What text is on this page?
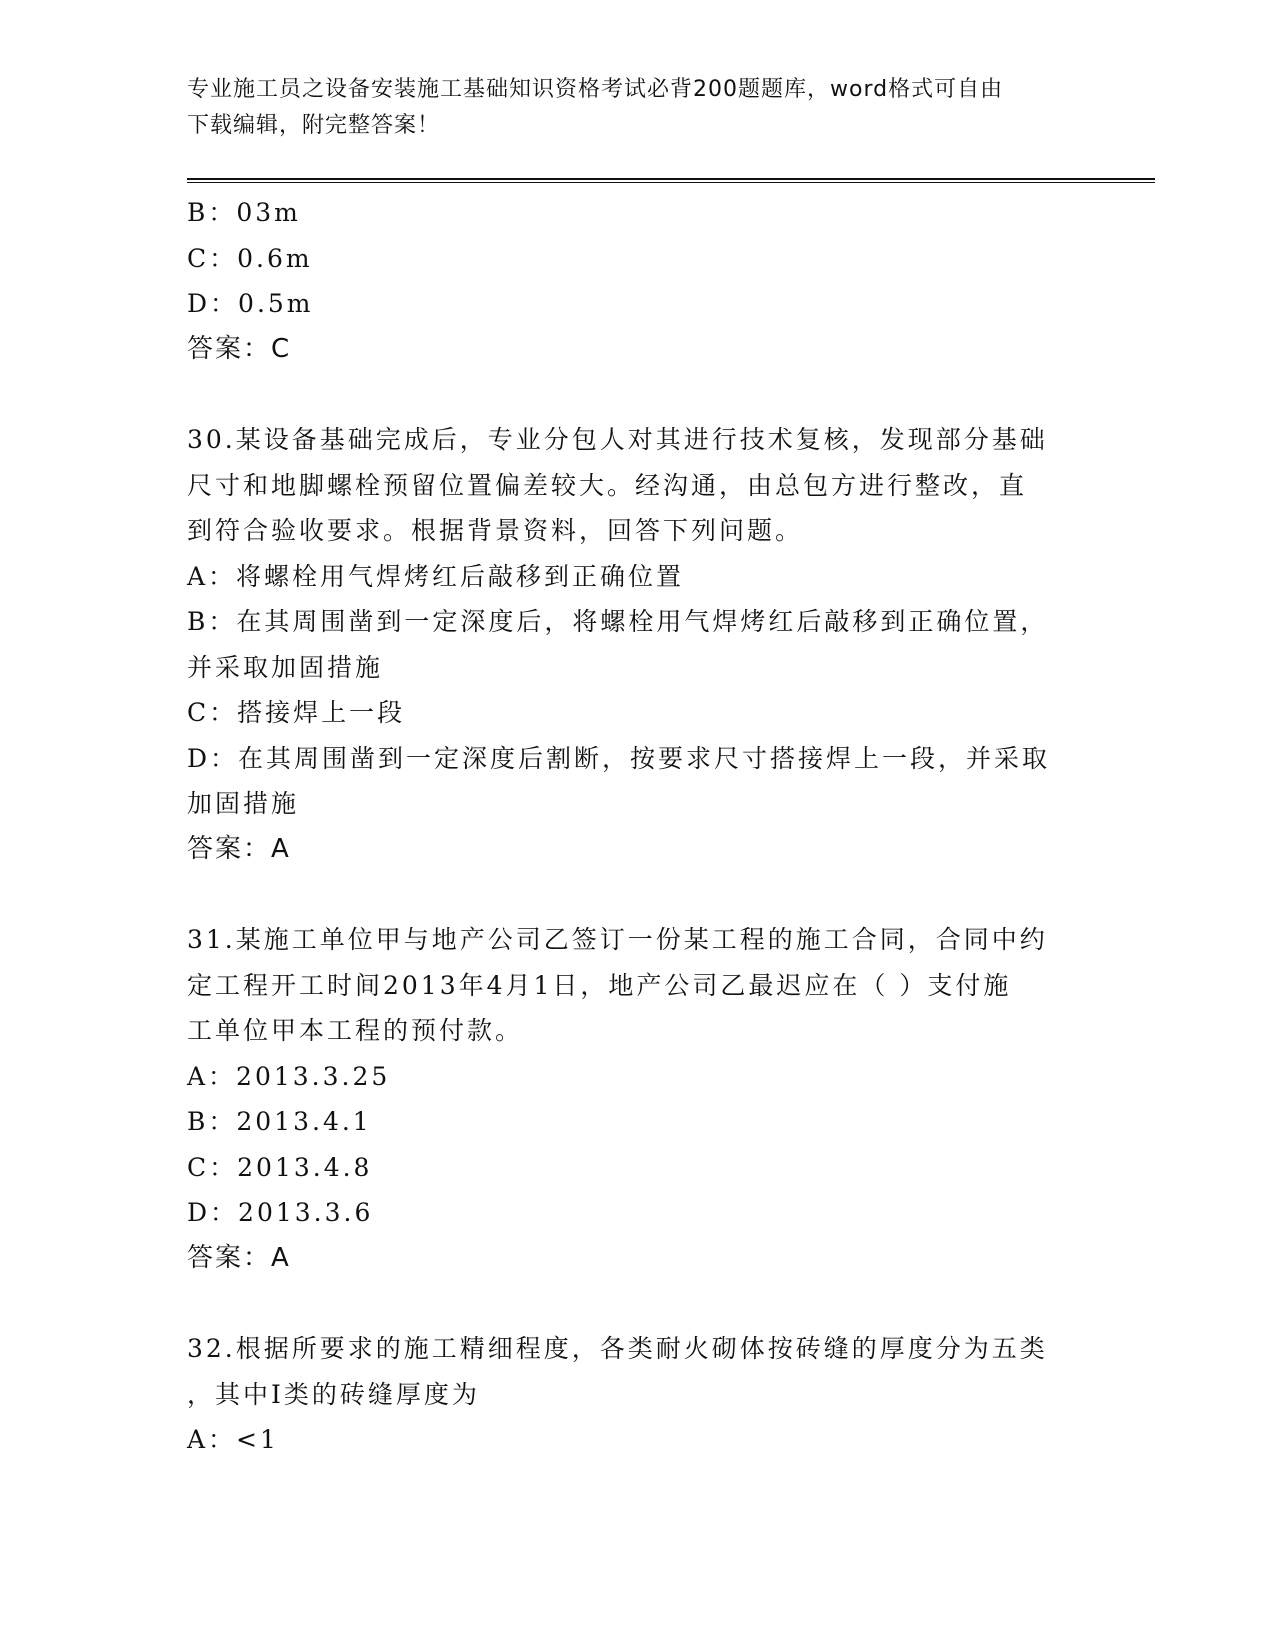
专业施工员之设备安装施工基础知识资格考试必背200题题库，word格式可自由
下载编辑，附完整答案！
B：03m
C：0.6m
D：0.5m
答案：C
30.某设备基础完成后，专业分包人对其进行技术复核，发现部分基础
尺寸和地脚螺栓预留位置偏差较大。经沟通，由总包方进行整改，直
到符合验收要求。根据背景资料，回答下列问题。
A：将螺栓用气焊烤红后敲移到正确位置
B：在其周围凿到一定深度后，将螺栓用气焊烤红后敲移到正确位置，
并采取加固措施
C：搭接焊上一段
D：在其周围凿到一定深度后割断，按要求尺寸搭接焊上一段，并采取
加固措施
答案：A
31.某施工单位甲与地产公司乙签订一份某工程的施工合同，合同中约
定工程开工时间2013年4月1日，地产公司乙最迟应在（ ）支付施
工单位甲本工程的预付款。
A：2013.3.25
B：2013.4.1
C：2013.4.8
D：2013.3.6
答案：A
32.根据所要求的施工精细程度，各类耐火砌体按砖缝的厚度分为五类
，其中I类的砖缝厚度为
A：<1
